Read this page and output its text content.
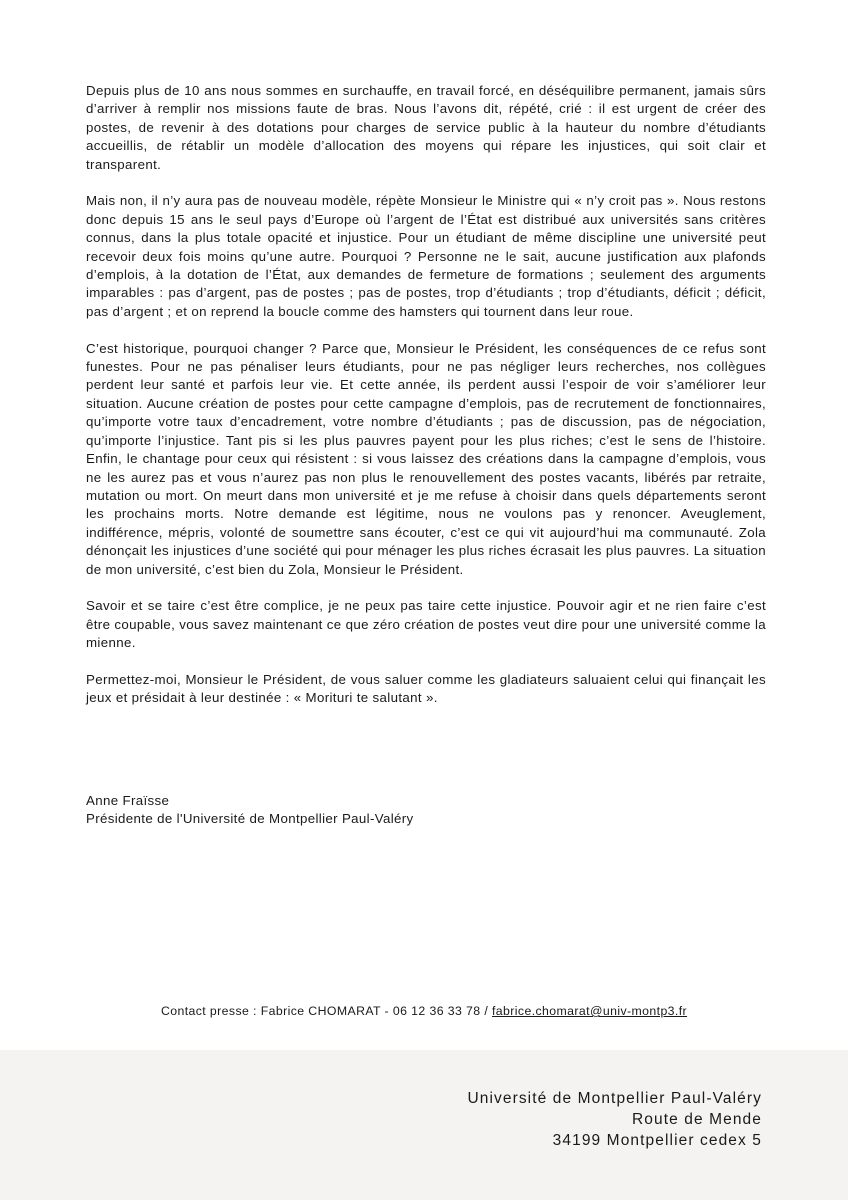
Depuis plus de 10 ans nous sommes en surchauffe, en travail forcé, en déséquilibre permanent, jamais sûrs d’arriver à remplir nos missions faute de bras. Nous l’avons dit, répété, crié : il est urgent de créer des postes, de revenir à des dotations pour charges de service public à la hauteur du nombre d’étudiants accueillis, de rétablir un modèle d’allocation des moyens qui répare les injustices, qui soit clair et transparent.

Mais non, il n’y aura pas de nouveau modèle, répète Monsieur le Ministre qui « n’y croit pas ». Nous restons donc depuis 15 ans le seul pays d’Europe où l’argent de l’État est distribué aux universités sans critères connus, dans la plus totale opacité et injustice. Pour un étudiant de même discipline une université peut recevoir deux fois moins qu’une autre. Pourquoi ? Personne ne le sait, aucune justification aux plafonds d’emplois, à la dotation de l’État, aux demandes de fermeture de formations ; seulement des arguments imparables : pas d’argent, pas de postes ; pas de postes, trop d’étudiants ; trop d’étudiants, déficit ; déficit, pas d’argent ; et on reprend la boucle comme des hamsters qui tournent dans leur roue.

C’est historique, pourquoi changer ? Parce que, Monsieur le Président, les conséquences de ce refus sont funestes. Pour ne pas pénaliser leurs étudiants, pour ne pas négliger leurs recherches, nos collègues perdent leur santé et parfois leur vie. Et cette année, ils perdent aussi l’espoir de voir s’améliorer leur situation. Aucune création de postes pour cette campagne d’emplois, pas de recrutement de fonctionnaires, qu’importe votre taux d’encadrement, votre nombre d’étudiants ; pas de discussion, pas de négociation, qu’importe l’injustice. Tant pis si les plus pauvres payent pour les plus riches; c’est le sens de l’histoire. Enfin, le chantage pour ceux qui résistent : si vous laissez des créations dans la campagne d’emplois, vous ne les aurez pas et vous n’aurez pas non plus le renouvellement des postes vacants, libérés par retraite, mutation ou mort. On meurt dans mon université et je me refuse à choisir dans quels départements seront les prochains morts. Notre demande est légitime, nous ne voulons pas y renoncer. Aveuglement, indifférence, mépris, volonté de soumettre sans écouter, c’est ce qui vit aujourd’hui ma communauté. Zola dénonçait les injustices d’une société qui pour ménager les plus riches écrasait les plus pauvres. La situation de mon université, c’est bien du Zola, Monsieur le Président.

Savoir et se taire c’est être complice, je ne peux pas taire cette injustice. Pouvoir agir et ne rien faire c’est être coupable, vous savez maintenant ce que zéro création de postes veut dire pour une université comme la mienne.

Permettez-moi, Monsieur le Président, de vous saluer comme les gladiateurs saluaient celui qui finançait les jeux et présidait à leur destinée : « Morituri te salutant ».

Anne Fraïsse
Présidente de l'Université de Montpellier Paul-Valéry
Contact presse : Fabrice CHOMARAT - 06 12 36 33 78 / fabrice.chomarat@univ-montp3.fr
Université de Montpellier Paul-Valéry
Route de Mende
34199 Montpellier cedex 5
